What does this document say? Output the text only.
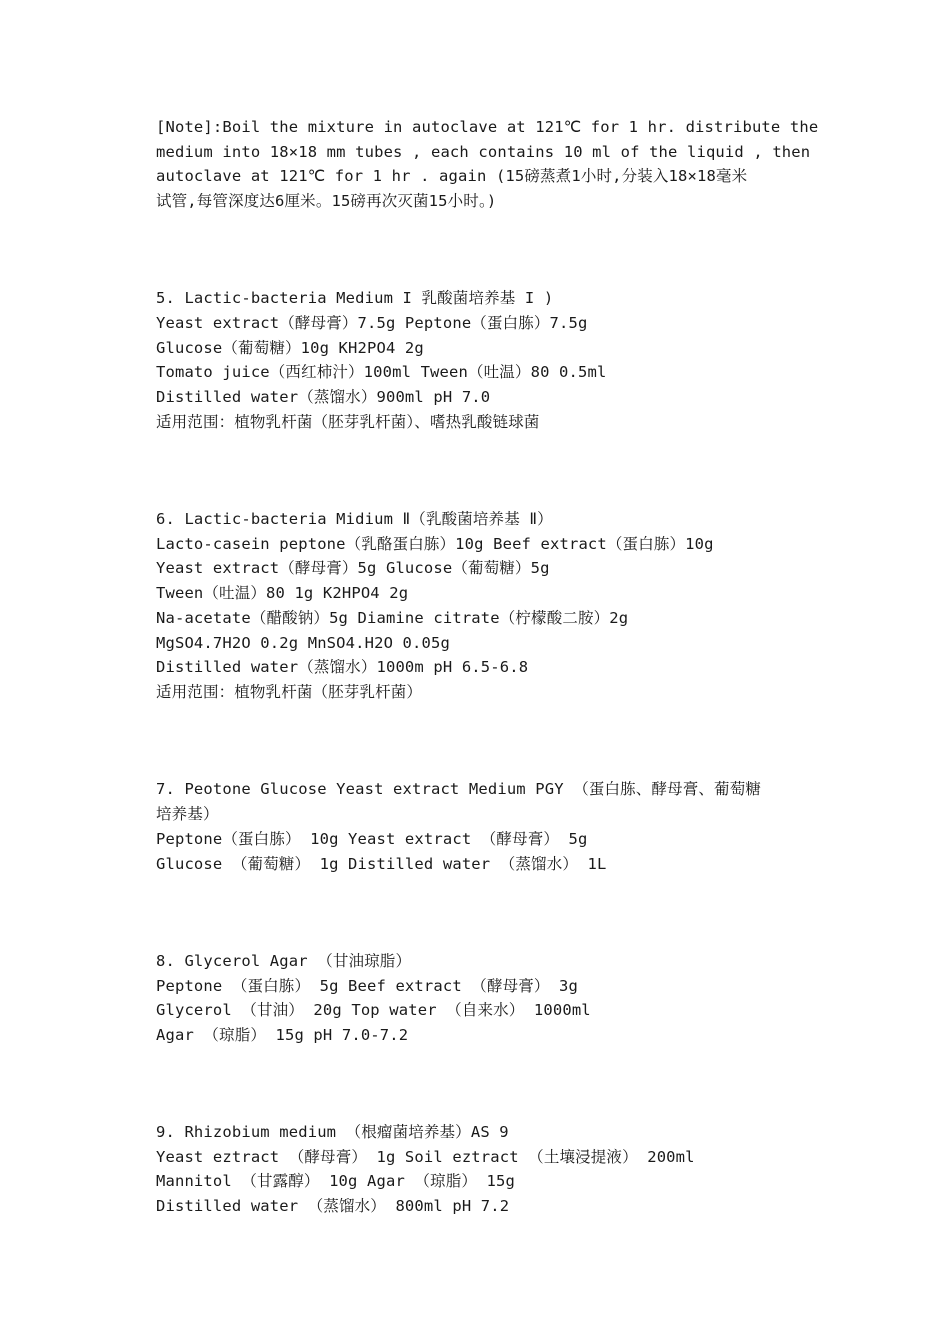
[Note]:Boil the mixture in autoclave at 121℃ for 1 hr. distribute the
medium into 18×18 mm tubes , each contains 10 ml of the liquid , then
autoclave at 121℃ for 1 hr . again (15磅蒸煮1小时,分装入18×18毫米
试管,每管深度达6厘米。15磅再次灭菌15小时。)
5. Lactic-bacteria Medium I 乳酸菌培养基 I )
Yeast extract（酵母膏）7.5g Peptone（蛋白胨）7.5g
Glucose（葡萄糖）10g KH2PO4 2g
Tomato juice（西红柿汁）100ml Tween（吐温）80 0.5ml
Distilled water（蒸馏水）900ml pH 7.0
适用范围：植物乳杆菌（胚芽乳杆菌）、嗜热乳酸链球菌
6. Lactic-bacteria Midium Ⅱ（乳酸菌培养基 Ⅱ）
Lacto-casein peptone（乳酪蛋白胨）10g Beef extract（蛋白胨）10g
Yeast extract（酵母膏）5g Glucose（葡萄糖）5g
Tween（吐温）80 1g K2HPO4 2g
Na-acetate（醋酸钠）5g Diamine citrate（柠檬酸二胺）2g
MgSO4.7H2O 0.2g MnSO4.H2O 0.05g
Distilled water（蒸馏水）1000m pH 6.5-6.8
适用范围：植物乳杆菌（胚芽乳杆菌）
7. Peotone Glucose Yeast extract Medium PGY （蛋白胨、酵母膏、葡萄糖
培养基）
Peptone（蛋白胨） 10g Yeast extract （酵母膏） 5g
Glucose （葡萄糖） 1g Distilled water （蒸馏水） 1L
8. Glycerol Agar （甘油琼脂）
Peptone （蛋白胨） 5g Beef extract （酵母膏） 3g
Glycerol （甘油） 20g Top water （自来水） 1000ml
Agar （琼脂） 15g pH 7.0-7.2
9. Rhizobium medium （根瘤菌培养基）AS 9
Yeast eztract （酵母膏） 1g Soil eztract （土壤浸提液） 200ml
Mannitol （甘露醇） 10g Agar （琼脂） 15g
Distilled water （蒸馏水） 800ml pH 7.2
